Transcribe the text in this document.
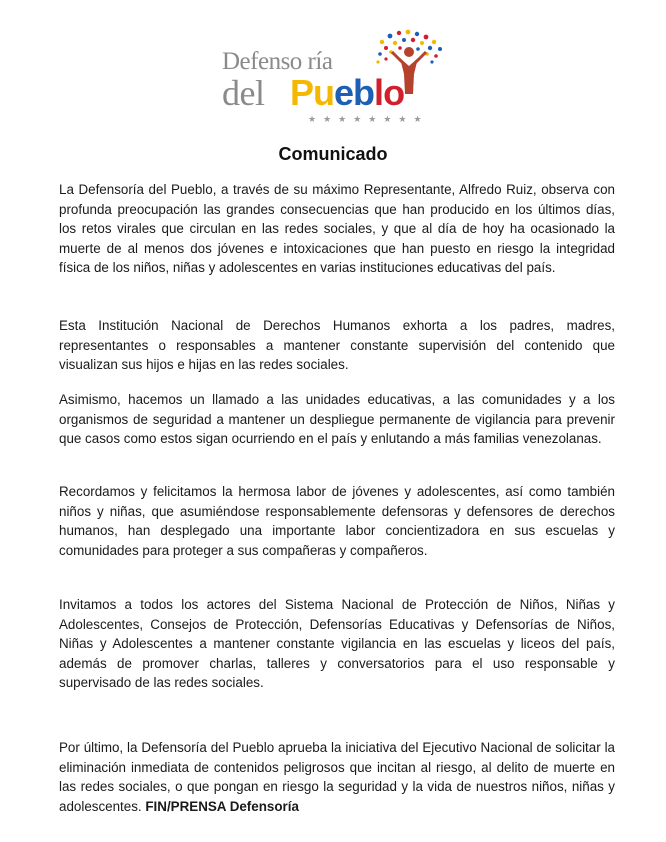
Defenso ría
del Pueblo
★★★★★★★★
Comunicado

La Defensoría del Pueblo, a través de su máximo Representante, Alfredo Ruiz, observa con profunda preocupación las grandes consecuencias que han producido en los últimos días, los retos virales que circulan en las redes sociales, y que al día de hoy ha ocasionado la muerte de al menos dos jóvenes e intoxicaciones que han puesto en riesgo la integridad física de los niños, niñas y adolescentes en varias instituciones educativas del país.

Esta Institución Nacional de Derechos Humanos exhorta a los padres, madres, representantes o responsables a mantener constante supervisión del contenido que visualizan sus hijos e hijas en las redes sociales.

Asimismo, hacemos un llamado a las unidades educativas, a las comunidades y a los organismos de seguridad a mantener un despliegue permanente de vigilancia para prevenir que casos como estos sigan ocurriendo en el país y enlutando a más familias venezolanas.

Recordamos y felicitamos la hermosa labor de jóvenes y adolescentes, así como también niños y niñas, que asumiéndose responsablemente defensoras y defensores de derechos humanos, han desplegado una importante labor concientizadora en sus escuelas y comunidades para proteger a sus compañeras y compañeros.

Invitamos a todos los actores del Sistema Nacional de Protección de Niños, Niñas y Adolescentes, Consejos de Protección, Defensorías Educativas y Defensorías de Niños, Niñas y Adolescentes a mantener constante vigilancia en las escuelas y liceos del país, además de promover charlas, talleres y conversatorios para el uso responsable y supervisado de las redes sociales.

Por último, la Defensoría del Pueblo aprueba la iniciativa del Ejecutivo Nacional de solicitar la eliminación inmediata de contenidos peligrosos que incitan al riesgo, al delito de muerte en las redes sociales, o que pongan en riesgo la seguridad y la vida de nuestros niños, niñas y adolescentes. FIN/PRENSA Defensoría
